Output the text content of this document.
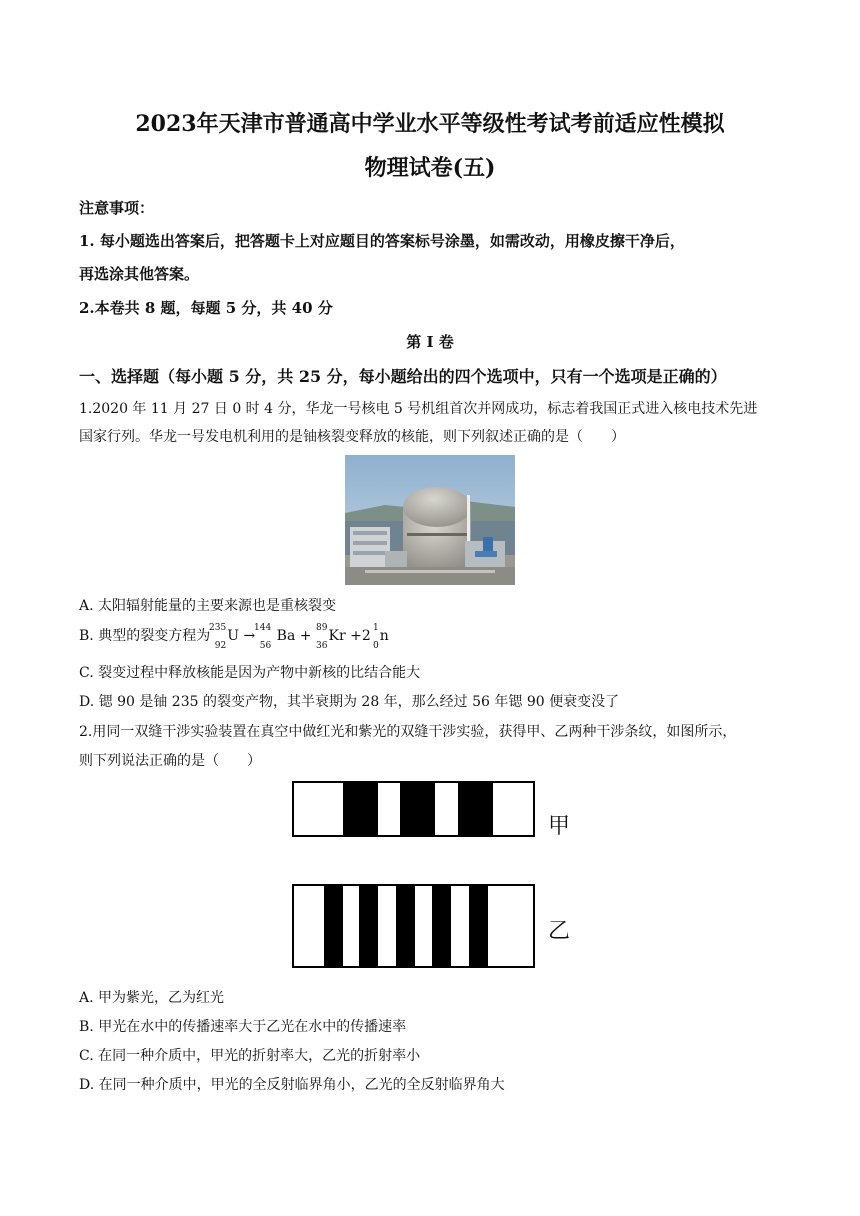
2023年天津市普通高中学业水平等级性考试考前适应性模拟
物理试卷(五)
注意事项：
1. 每小题选出答案后，把答题卡上对应题目的答案标号涂墨，如需改动，用橡皮擦干净后，
再选涂其他答案。
2.本卷共 8 题，每题 5 分，共 40 分
第 I 卷
一、选择题（每小题 5 分，共 25 分，每小题给出的四个选项中，只有一个选项是正确的）
1.2020 年 11 月 27 日 0 时 4 分，华龙一号核电 5 号机组首次并网成功，标志着我国正式进入核电技术先进
国家行列。华龙一号发电机利用的是铀核裂变释放的核能，则下列叙述正确的是（　　）
A. 太阳辐射能量的主要来源也是重核裂变
B. 典型的裂变方程为
235
92
U →
144
56
Ba + 89
36
Kr +2 1
0
n
C. 裂变过程中释放核能是因为产物中新核的比结合能大
D. 锶 90 是铀 235 的裂变产物，其半衰期为 28 年，那么经过 56 年锶 90 便衰变没了
2.用同一双缝干涉实验装置在真空中做红光和紫光的双缝干涉实验，获得甲、乙两种干涉条纹，如图所示，
则下列说法正确的是（　　）
甲
乙
A. 甲为紫光，乙为红光
B. 甲光在水中的传播速率大于乙光在水中的传播速率
C. 在同一种介质中，甲光的折射率大，乙光的折射率小
D. 在同一种介质中，甲光的全反射临界角小，乙光的全反射临界角大
